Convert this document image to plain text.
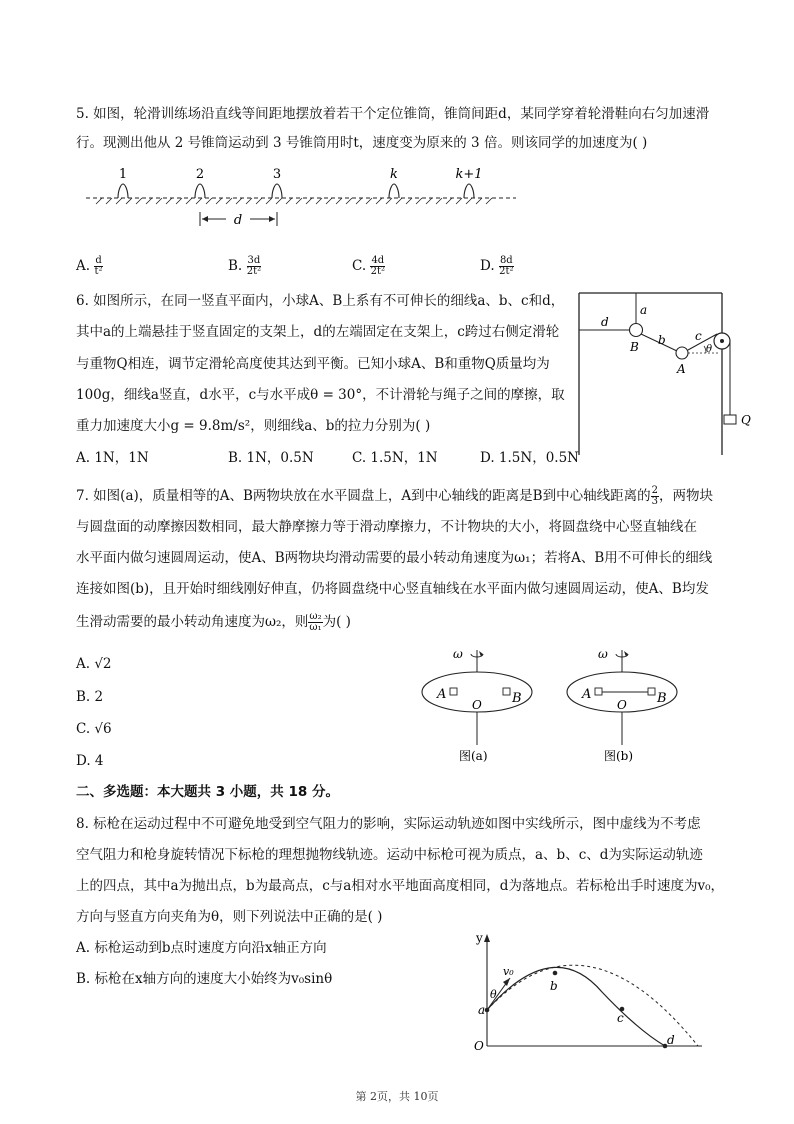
5. 如图，轮滑训练场沿直线等间距地摆放着若干个定位锥筒，锥筒间距d，某同学穿着轮滑鞋向右匀加速滑
行。现测出他从 2 号锥筒运动到 3 号锥筒用时t，速度变为原来的 3 倍。则该同学的加速度为( )
1	2	3	k	k+1
d
A. $\frac{d}{\text{t²}}$	B. $\frac{3d}{\text{2t²}}$	C. $\frac{4d}{\text{2t²}}$	D. $\frac{8d}{\text{2t²}}$
6. 如图所示，在同一竖直平面内，小球A、B上系有不可伸长的细线a、b、c和d，
其中a的上端悬挂于竖直固定的支架上，d的左端固定在支架上，c跨过右侧定滑轮
与重物Q相连，调节定滑轮高度使其达到平衡。已知小球A、B和重物Q质量均为
100g，细线a竖直，d水平，c与水平成θ = 30°，不计滑轮与绳子之间的摩擦，取
重力加速度大小g = 9.8m/s²，则细线a、b的拉力分别为( )
A. 1N，1N	B. 1N，0.5N	C. 1.5N，1N	D. 1.5N，0.5N
a
b c
d
θ
B
A
Q
7. 如图(a)，质量相等的A、B两物块放在水平圆盘上，A到中心轴线的距离是B到中心轴线距离的 $\frac{2}{3}$ ，两物块
与圆盘面的动摩擦因数相同，最大静摩擦力等于滑动摩擦力，不计物块的大小，将圆盘绕中心竖直轴线在
水平面内做匀速圆周运动，使A、B两物块均滑动需要的最小转动角速度为ω₁；若将A、B用不可伸长的细线
连接如图(b)，且开始时细线刚好伸直，仍将圆盘绕中心竖直轴线在水平面内做匀速圆周运动，使A、B均发
生滑动需要的最小转动角速度为ω₂，则 $\frac{\text{ω₂}}{\text{ω₁}}$ 为( )
A. √2
B. 2
C. √6
D. 4
ω
A
O B
图(a)
ω
A
O B
图(b)
二、多选题：本大题共 3 小题，共 18 分。
8. 标枪在运动过程中不可避免地受到空气阻力的影响，实际运动轨迹如图中实线所示，图中虚线为不考虑
空气阻力和枪身旋转情况下标枪的理想抛物线轨迹。运动中标枪可视为质点，a、b、c、d为实际运动轨迹
上的四点，其中a为抛出点，b为最高点，c与a相对水平地面高度相同，d为落地点。若标枪出手时速度为v₀，
方向与竖直方向夹角为θ，则下列说法中正确的是( )
A. 标枪运动到b点时速度方向沿x轴正方向
B. 标枪在x轴方向的速度大小始终为v₀sinθ
y
v₀
θ
a
b
c
d
O
第 2页，共 10页
